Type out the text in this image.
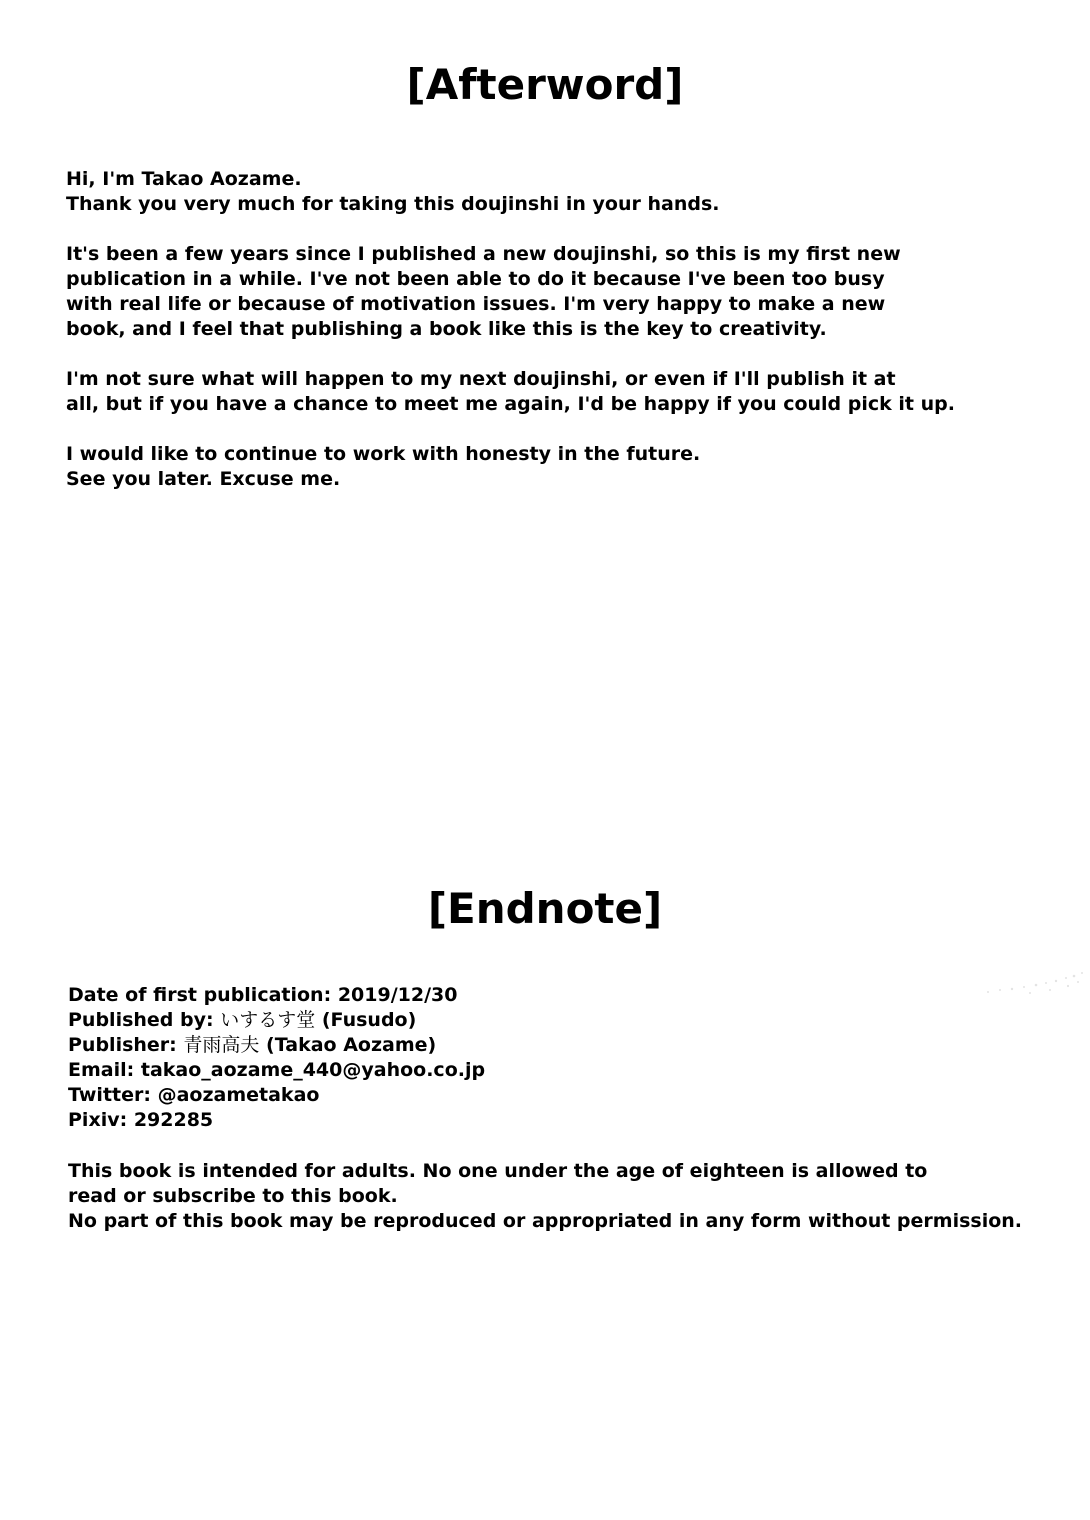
[Afterword]
Hi, I'm Takao Aozame.
Thank you very much for taking this doujinshi in your hands.
It's been a few years since I published a new doujinshi, so this is my first new
publication in a while. I've not been able to do it because I've been too busy
with real life or because of motivation issues. I'm very happy to make a new
book, and I feel that publishing a book like this is the key to creativity.
I'm not sure what will happen to my next doujinshi, or even if I'll publish it at
all, but if you have a chance to meet me again, I'd be happy if you could pick it up.
I would like to continue to work with honesty in the future.
See you later. Excuse me.
[Endnote]
Date of first publication: 2019/12/30
Published by: いするす堂 (Fusudo)
Publisher: 青雨高夫 (Takao Aozame)
Email: takao_aozame_440@yahoo.co.jp
Twitter: @aozametakao
Pixiv: 292285
This book is intended for adults. No one under the age of eighteen is allowed to
read or subscribe to this book.
No part of this book may be reproduced or appropriated in any form without permission.
